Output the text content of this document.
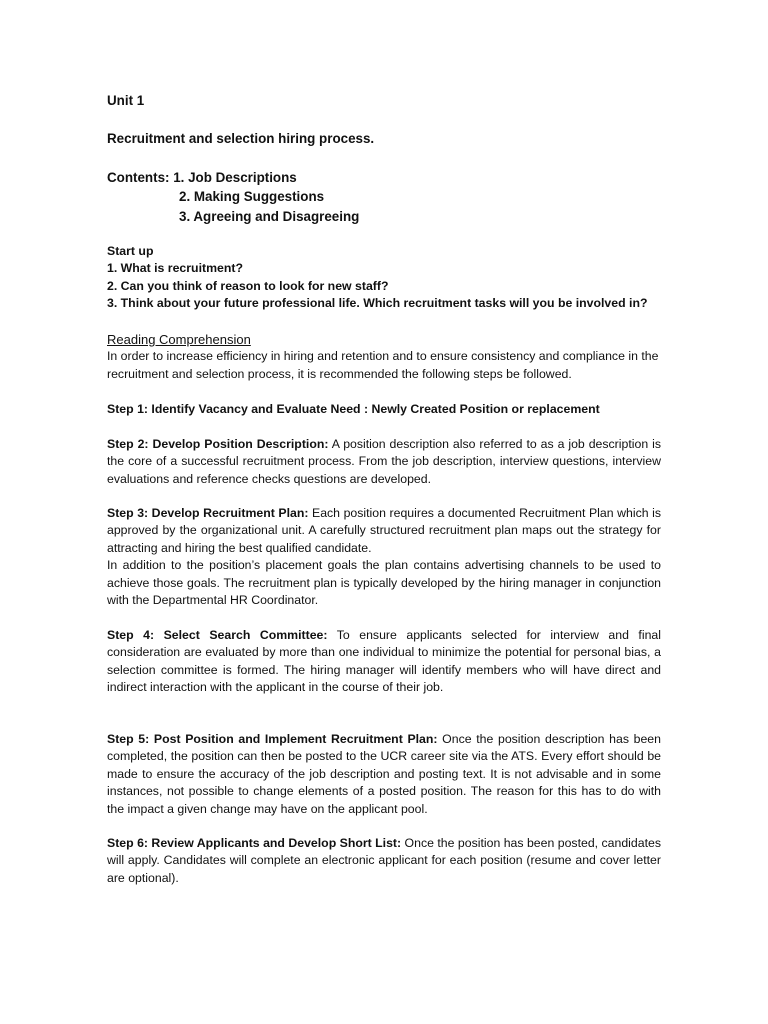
Unit 1

Recruitment and selection hiring process.

Contents: 1. Job Descriptions
2. Making Suggestions
3. Agreeing and Disagreeing
Start up
1. What is recruitment?
2. Can you think of reason to look for new staff?
3. Think about your future professional life. Which recruitment tasks will you be involved in?
Reading Comprehension
In order to increase efficiency in hiring and retention and to ensure consistency and compliance in the recruitment and selection process, it is recommended the following steps be followed.

Step 1: Identify Vacancy and Evaluate Need : Newly Created Position or replacement

Step 2: Develop Position Description: A position description also referred to as a job description is the core of a successful recruitment process. From the job description, interview questions, interview evaluations and reference checks questions are developed.

Step 3: Develop Recruitment Plan: Each position requires a documented Recruitment Plan which is approved by the organizational unit. A carefully structured recruitment plan maps out the strategy for attracting and hiring the best qualified candidate.
In addition to the position’s placement goals the plan contains advertising channels to be used to achieve those goals. The recruitment plan is typically developed by the hiring manager in conjunction with the Departmental HR Coordinator.

Step 4: Select Search Committee: To ensure applicants selected for interview and final consideration are evaluated by more than one individual to minimize the potential for personal bias, a selection committee is formed. The hiring manager will identify members who will have direct and indirect interaction with the applicant in the course of their job.

Step 5: Post Position and Implement Recruitment Plan: Once the position description has been completed, the position can then be posted to the UCR career site via the ATS. Every effort should be made to ensure the accuracy of the job description and posting text. It is not advisable and in some instances, not possible to change elements of a posted position. The reason for this has to do with the impact a given change may have on the applicant pool.

Step 6: Review Applicants and Develop Short List: Once the position has been posted, candidates will apply. Candidates will complete an electronic applicant for each position (resume and cover letter are optional).
